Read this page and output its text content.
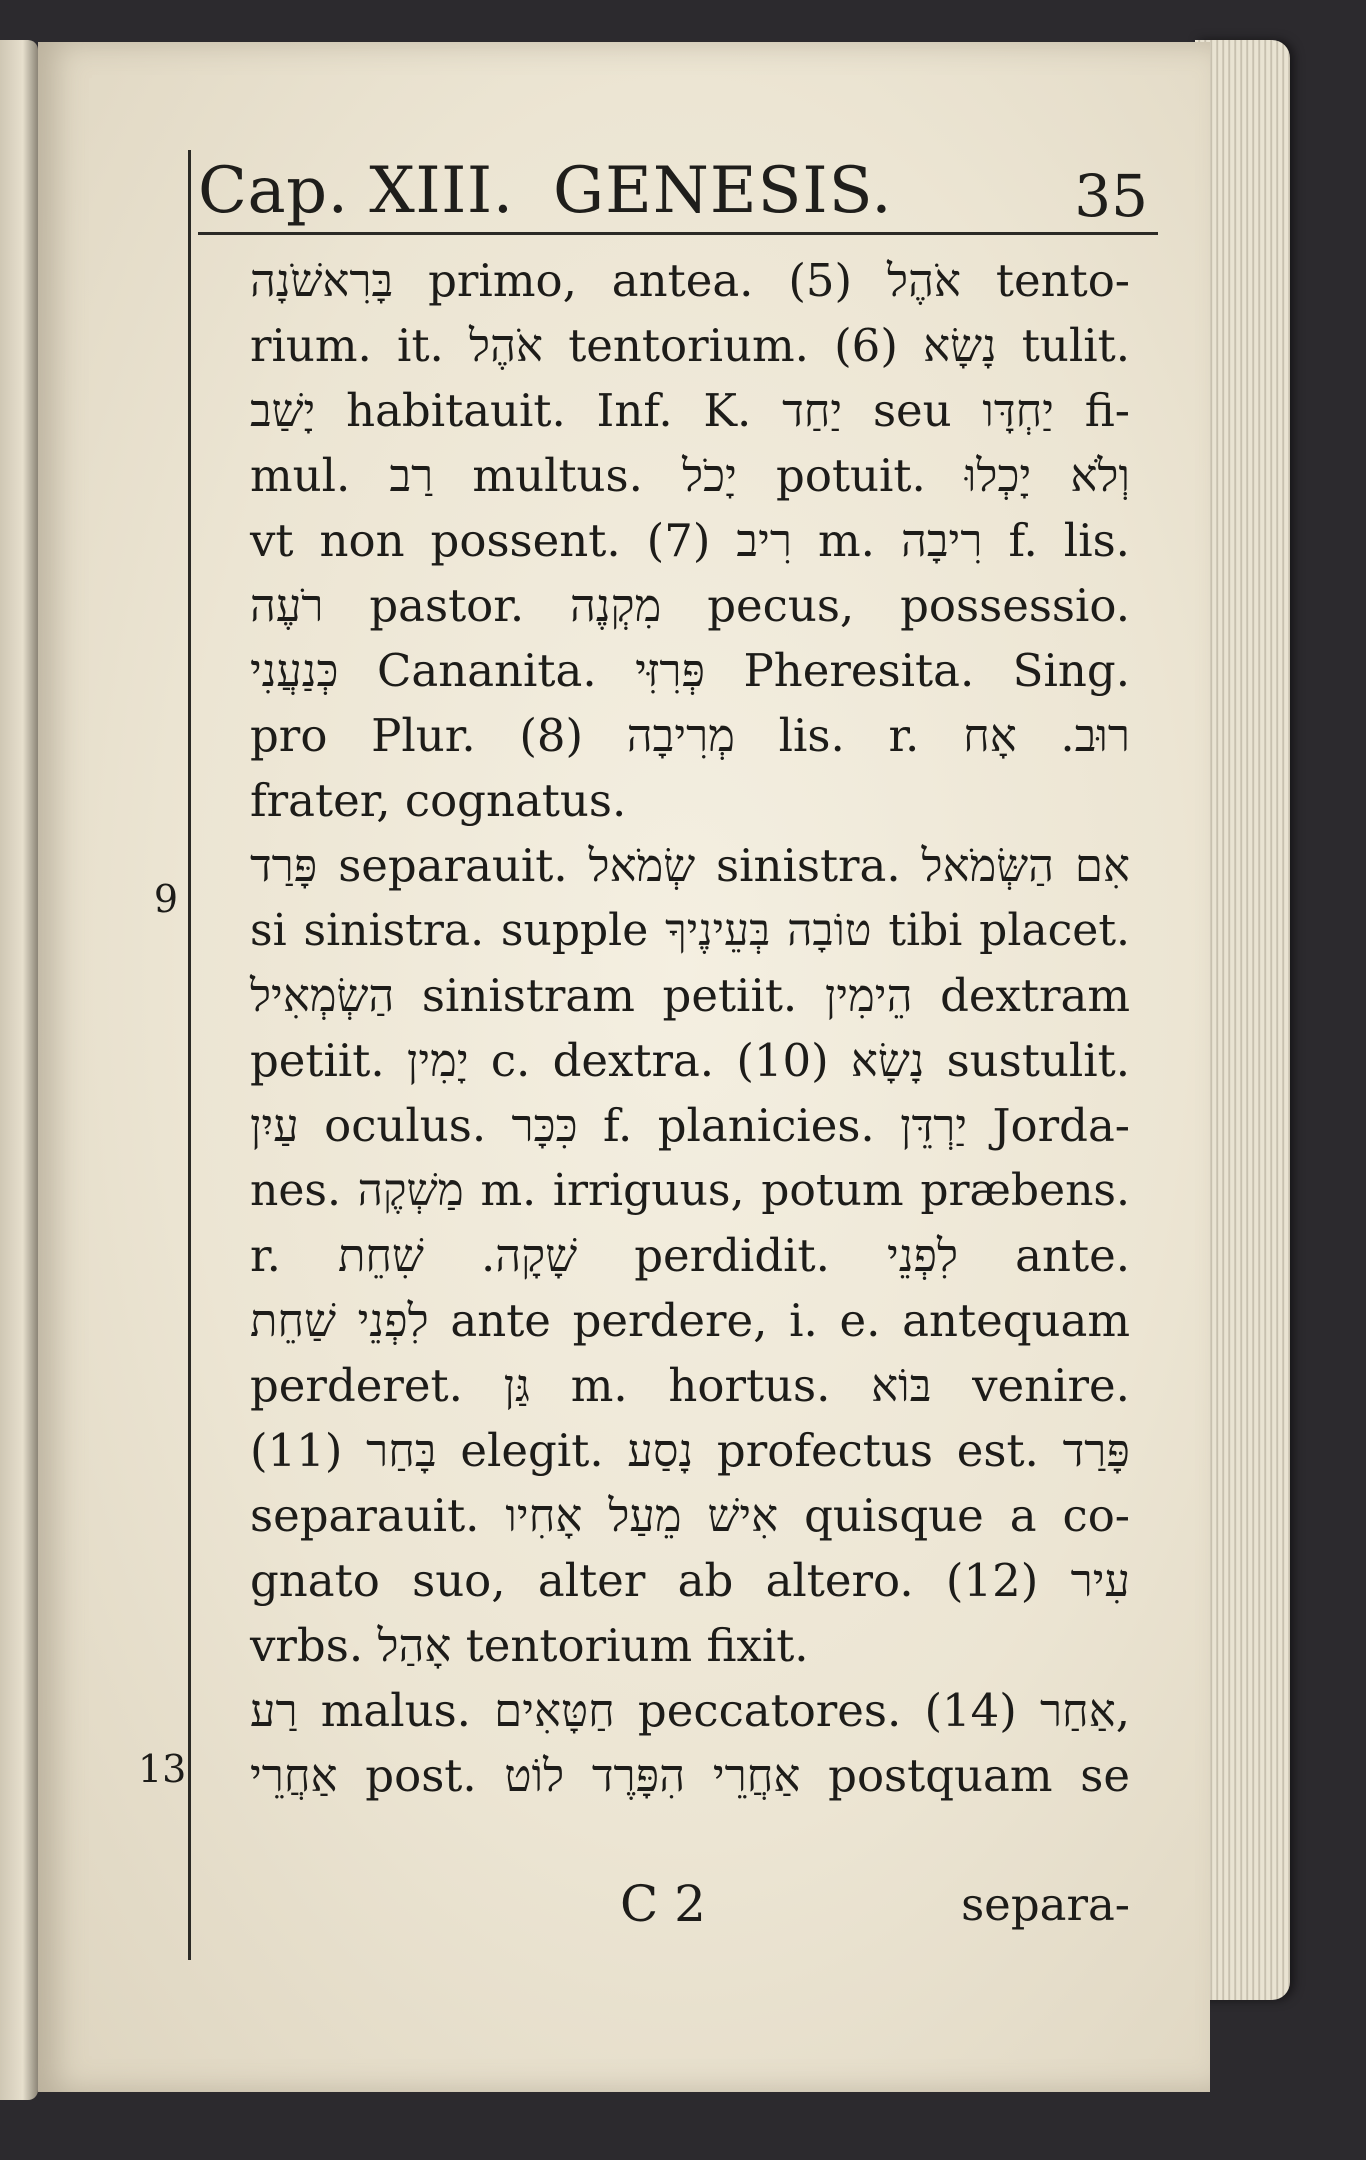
Cap. XIII. GENESIS.	35
בָּרִאשֹׁנָה primo, antea. (5) אֹהֶל tento-
rium. it. אֹהֶל tentorium. (6) נָשָׂא tulit.
יָשַׁב habitauit. Inf. K. יַחַד seu יַחְדָּו fi-
mul. רַב multus. יָכֹל potuit. וְלֹא יָכְלוּ
vt non possent. (7) רִיב m. רִיבָה f. lis.
רֹעֶה pastor. מִקְנֶה pecus, possessio.
כְּנַעֲנִי Cananita. פְּרִזִּי Pheresita. Sing.
pro Plur. (8) מְרִיבָה lis. r. רוּב. אָח
frater, cognatus.
פָּרַד separauit. שְׂמֹאל sinistra. אִם הַשְּׂמֹאל
si sinistra. supple טוֹבָה בְּעֵינֶיךָ tibi placet.
הַשְׂמְאִיל sinistram petiit. הֵימִין dextram
petiit. יָמִין c. dextra. (10) נָשָׂא sustulit.
עַיִן oculus. כִּכָּר f. planicies. יַרְדֵּן Jorda-
nes. מַשְׁקֶה m. irriguus, potum præbens.
r. שָׁקָה. שִׁחֵת perdidit. לִפְנֵי ante.
לִפְנֵי שַׁחֵת ante perdere, i. e. antequam
perderet. גַּן m. hortus. בּוֹא venire.
(11) בָּחַר elegit. נָסַע profectus est. פָּרַד
separauit. אִישׁ מֵעַל אָחִיו quisque a co-
gnato suo, alter ab altero. (12) עִיר
vrbs. אָהַל tentorium fixit.
רַע malus. חַטָּאִים peccatores. (14) אַחַר,
אַחֲרֵי post. אַחֲרֵי הִפָּרֶד לוֹט postquam se
9
13
C 2	separa-
